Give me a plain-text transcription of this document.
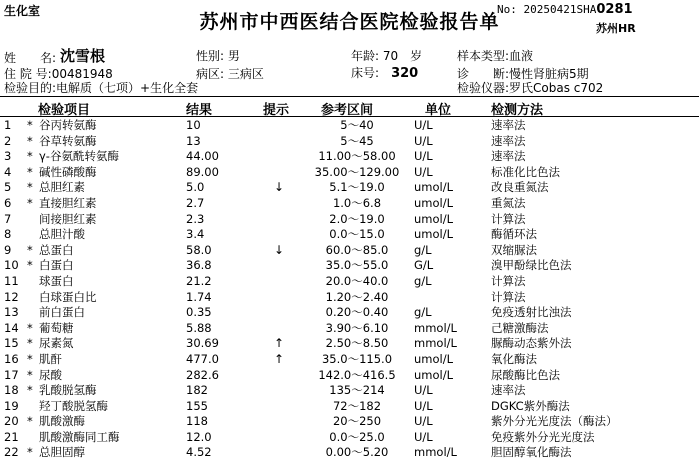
生化室	苏州市中西医结合医院检验报告单
No: 20250421SHA0281
苏州HR
姓　　名: 沈雪根	性别: 男	年龄: 70　岁	样本类型:血液
住 院 号:00481948	病区: 三病区	床号:　 320	诊　　断:慢性肾脏病5期
检验目的:电解质（七项）+生化全套	检验仪器:罗氏Cobas c702
检验项目	结果	提示 参考区间	单位	检测方法
1 * 谷丙转氨酶	10	5～40	U/L	速率法
2 * 谷草转氨酶	13	5～45	U/L	速率法
3 * γ-谷氨酰转氨酶	44.00	11.00～58.00	U/L	速率法
4 * 碱性磷酸酶	89.00	35.00～129.00	U/L	标准化比色法
5 * 总胆红素	5.0	↓	5.1～19.0	umol/L	改良重氮法
6 * 直接胆红素	2.7	1.0～6.8	umol/L	重氮法
7 间接胆红素	2.3	2.0～19.0	umol/L	计算法
8 总胆汁酸	3.4	0.0～15.0	umol/L	酶循环法
9 * 总蛋白	58.0	↓	60.0～85.0	g/L	双缩脲法
10 * 白蛋白	36.8	35.0～55.0	G/L	溴甲酚绿比色法
11 球蛋白	21.2	20.0～40.0	g/L	计算法
12 白球蛋白比	1.74	1.20～2.40	计算法
13 前白蛋白	0.35	0.20～0.40	g/L	免疫透射比浊法
14 * 葡萄糖	5.88	3.90～6.10	mmol/L	己糖激酶法
15 * 尿素氮	30.69	↑	2.50～8.50	mmol/L	脲酶动态紫外法
16 * 肌酐	477.0	↑	35.0～115.0	umol/L	氧化酶法
17 * 尿酸	282.6	142.0～416.5	umol/L	尿酸酶比色法
18 * 乳酸脱氢酶	182	135～214	U/L	速率法
19 羟丁酸脱氢酶	155	72～182	U/L	DGKC紫外酶法
20 * 肌酸激酶	118	20～250	U/L	紫外分光光度法（酶法）
21 肌酸激酶同工酶	12.0	0.0～25.0	U/L	免疫紫外分光光度法
22 * 总胆固醇	4.52	0.00～5.20	mmol/L	胆固醇氧化酶法
